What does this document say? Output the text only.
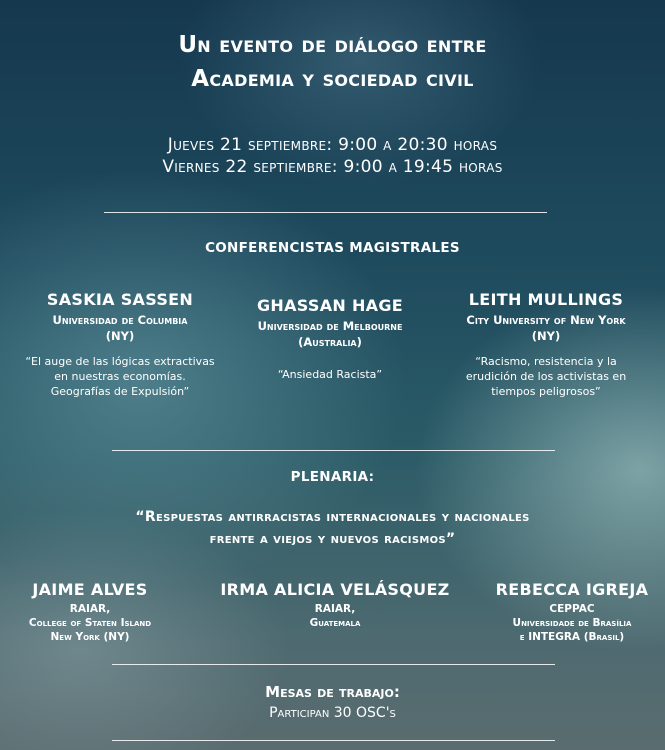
Un evento de diálogo entre
Academia y sociedad civil
Jueves 21 septiembre: 9:00 a 20:30 horas
Viernes 22 septiembre: 9:00 a 19:45 horas
CONFERENCISTAS MAGISTRALES
SASKIA SASSEN
Universidad de Columbia
(NY)
“El auge de las lógicas extractivas
en nuestras economías.
Geografías de Expulsión”
GHASSAN HAGE
Universidad de Melbourne
(Australia)
“Ansiedad Racista”
LEITH MULLINGS
City University of New York
(NY)
“Racismo, resistencia y la
erudición de los activistas en
tiempos peligrosos”
PLENARIA:
“Respuestas antirracistas internacionales y nacionales
frente a viejos y nuevos racismos”
JAIME ALVES
RAIAR,
College of Staten Island
New York (NY)
IRMA ALICIA VELÁSQUEZ
RAIAR,
Guatemala
REBECCA IGREJA
CEPPAC
Universidade de Brasília
e INTEGRA (Brasil)
Mesas de trabajo:
Participan 30 OSC's
